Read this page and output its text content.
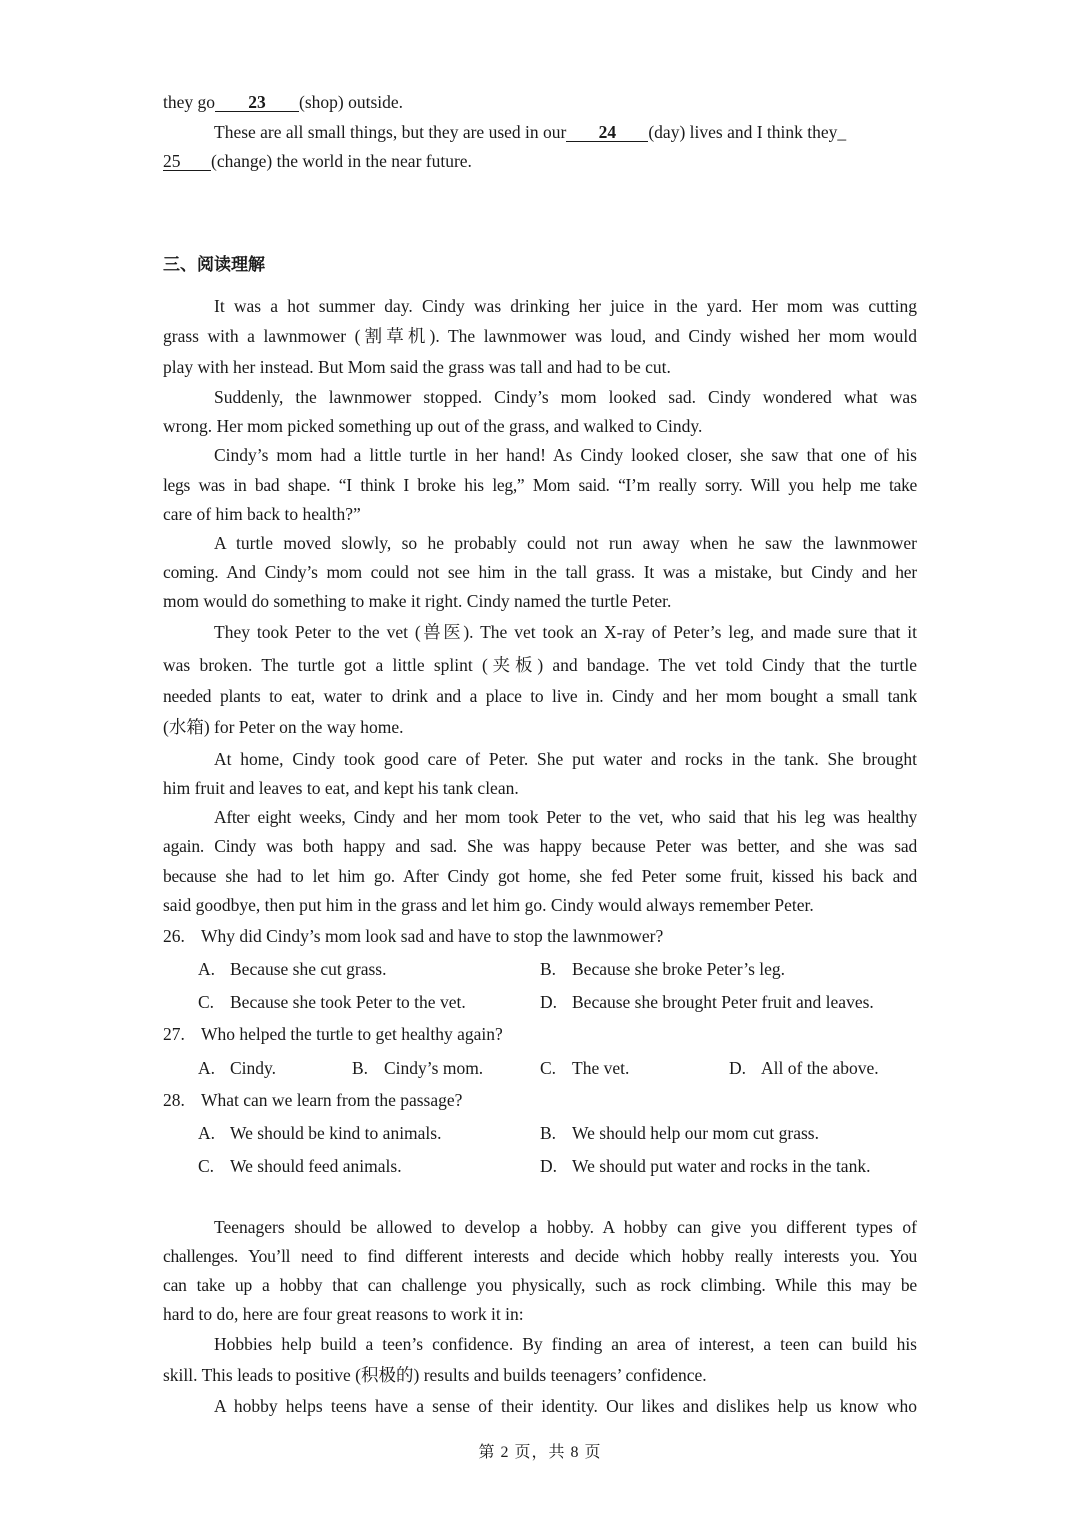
they go 23 (shop) outside.
These are all small things, but they are used in our 24 (day) lives and I think they_
25 (change) the world in the near future.
三、阅读理解
It was a hot summer day. Cindy was drinking her juice in the yard. Her mom was cutting
grass with a lawnmower (割草机). The lawnmower was loud, and Cindy wished her mom would
play with her instead. But Mom said the grass was tall and had to be cut.
Suddenly, the lawnmower stopped. Cindy’s mom looked sad. Cindy wondered what was
wrong. Her mom picked something up out of the grass, and walked to Cindy.
Cindy’s mom had a little turtle in her hand! As Cindy looked closer, she saw that one of his
legs was in bad shape. “I think I broke his leg,” Mom said. “I’m really sorry. Will you help me take
care of him back to health?”
A turtle moved slowly, so he probably could not run away when he saw the lawnmower
coming. And Cindy’s mom could not see him in the tall grass. It was a mistake, but Cindy and her
mom would do something to make it right. Cindy named the turtle Peter.
They took Peter to the vet (兽医). The vet took an X-ray of Peter’s leg, and made sure that it
was broken. The turtle got a little splint (夹板) and bandage. The vet told Cindy that the turtle
needed plants to eat, water to drink and a place to live in. Cindy and her mom bought a small tank
(水箱) for Peter on the way home.
At home, Cindy took good care of Peter. She put water and rocks in the tank. She brought
him fruit and leaves to eat, and kept his tank clean.
After eight weeks, Cindy and her mom took Peter to the vet, who said that his leg was healthy
again. Cindy was both happy and sad. She was happy because Peter was better, and she was sad
because she had to let him go. After Cindy got home, she fed Peter some fruit, kissed his back and
said goodbye, then put him in the grass and let him go. Cindy would always remember Peter.
26. Why did Cindy’s mom look sad and have to stop the lawnmower?
A. Because she cut grass.	B. Because she broke Peter’s leg.
C. Because she took Peter to the vet.	D. Because she brought Peter fruit and leaves.
27. Who helped the turtle to get healthy again?
A. Cindy.	B. Cindy’s mom.	C. The vet.	D. All of the above.
28. What can we learn from the passage?
A. We should be kind to animals.	B. We should help our mom cut grass.
C. We should feed animals.	D. We should put water and rocks in the tank.
Teenagers should be allowed to develop a hobby. A hobby can give you different types of
challenges. You’ll need to find different interests and decide which hobby really interests you. You
can take up a hobby that can challenge you physically, such as rock climbing. While this may be
hard to do, here are four great reasons to work it in:
Hobbies help build a teen’s confidence. By finding an area of interest, a teen can build his
skill. This leads to positive (积极的) results and builds teenagers’ confidence.
A hobby helps teens have a sense of their identity. Our likes and dislikes help us know who
第 2 页，共 8 页
